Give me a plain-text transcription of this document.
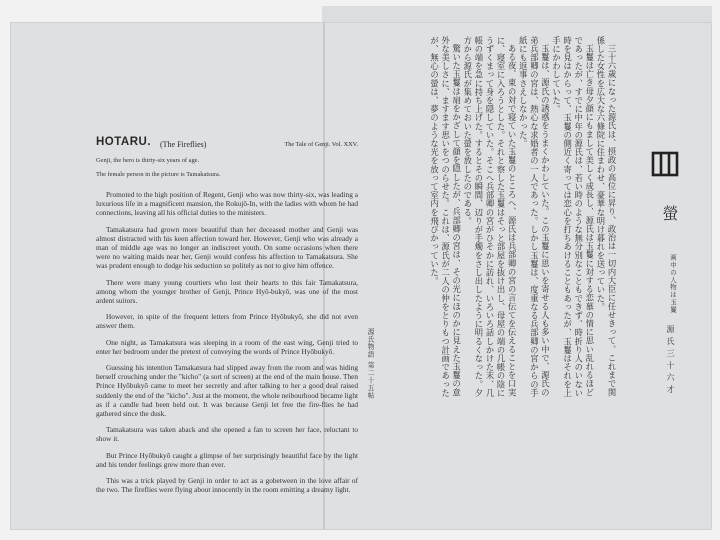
HOTARU. (The Fireflies)	The Tale of Genji. Vol. XXV.

Genji, the hero is thirty-six years of age.

The female person in the picture is Tamakatsura.

Promoted to the high position of Regent, Genji who was now thirty-six, was leading a luxurious life in a magnificent mansion, the Rokujō-In, with the ladies with whom he had connections, leaving all his official duties to the ministers.

Tamakatsura had grown more beautiful than her deceased mother and Genji was almost distracted with his keen affection toward her. However, Genji who was already a man of middle age was no longer an indiscreet youth. On some occasions when there were no waiting maids near her, Genji would confess his affection to Tamakatsura. She was prudent enough to dodge his seduction so politely as not to give him offence.

There were many young courtiers who lost their hearts to this fair Tamakatsura, among whom the younger brother of Genji, Prince Hyō-bukyō, was one of the most ardent suitors.

However, in spite of the frequent letters from Prince Hyōbukyō, she did not even answer them.

One night, as Tamakatsura was sleeping in a room of the east wing, Genji tried to enter her bedroom under the pretext of conveying the words of Prince Hyōbukyō.

Guessing his intention Tamakatsura had slipped away from the room and was hiding herself crouching under the "kicho" (a sort of screen) at the end of the main house. Then Prince Hyōbukyō came to meet her secretly and after talking to her a good deal raised suddenly the end of the "kicho". Just at the moment, the whole neibourhood became light as if a candle had been held out. It was because Genji let free the fire-flies he had gathered since the dusk.

Tamakatsura was taken aback and she opened a fan to screen her face, reluctant to show it.

But Prince Hyōbukyō caught a glimpse of her surprisingly beautiful face by the light and his tender feelings grew more than ever.

This was a trick played by Genji in order to act as a gobetween in the love affair of the two. The fireflies were flying about innocently in the room emitting a dreamy light.

三十六歳になった源氏は、摂政の高位に昇り、政治は一切内大臣に任せきって、これまで関係した女性を広大な六條院に住まわせ、豪華な明け暮れを送っていた。

玉鬘は亡き母夕顔にもまして美しく成長し、源氏は玉鬘に対する恋慕の情に思い乱れるほどであったが、すでに中年の源氏は、若い時のような無分別なこともできず、時折り人のいない時を見はからって、玉鬘の側近く寄っては恋心を打ちあけることもあったが、玉鬘はそれを上手にかわしていた。

玉鬘は、源氏の誘惑をうまくかわしていた。この玉鬘に思いを寄せる人も多い中で、源氏の弟兵部卿の宮は、熱心な求婚者の一人であった。しかし玉鬘は、度重なる兵部卿の宮からの手紙にも返事さえしなかった。

ある夜、東の対で寝ていた玉鬘のところへ、源氏は兵部卿の宮の言伝てを伝えることを口実に、寝室に入ろうとした。それと察した玉鬘はそっと部屋を抜け出し、母屋の端の几帳の陰にうずくまって身を隠していた。そこへ兵部卿の宮がひそかに訪れ、いろいろ話しかけた末、几帳の端を急に持ち上げた。するとその瞬間、辺りが手燭をさし出したように明るくなった。夕方から源氏が集めておいた螢を放したのである。

驚いた玉鬘は扇をかざして顔を隠したが、兵部卿の宮は、その光にほのかに見えた玉鬘の意外な美しさに、ますます思いをつのらせた。これは、源氏が二人の仲をとりもつ計画であったが、無心の螢は、夢のような光を放って室内を飛びかっていた。

源氏物語 第二十五帖
螢
画中の人物は玉鬘
源氏三十六才
